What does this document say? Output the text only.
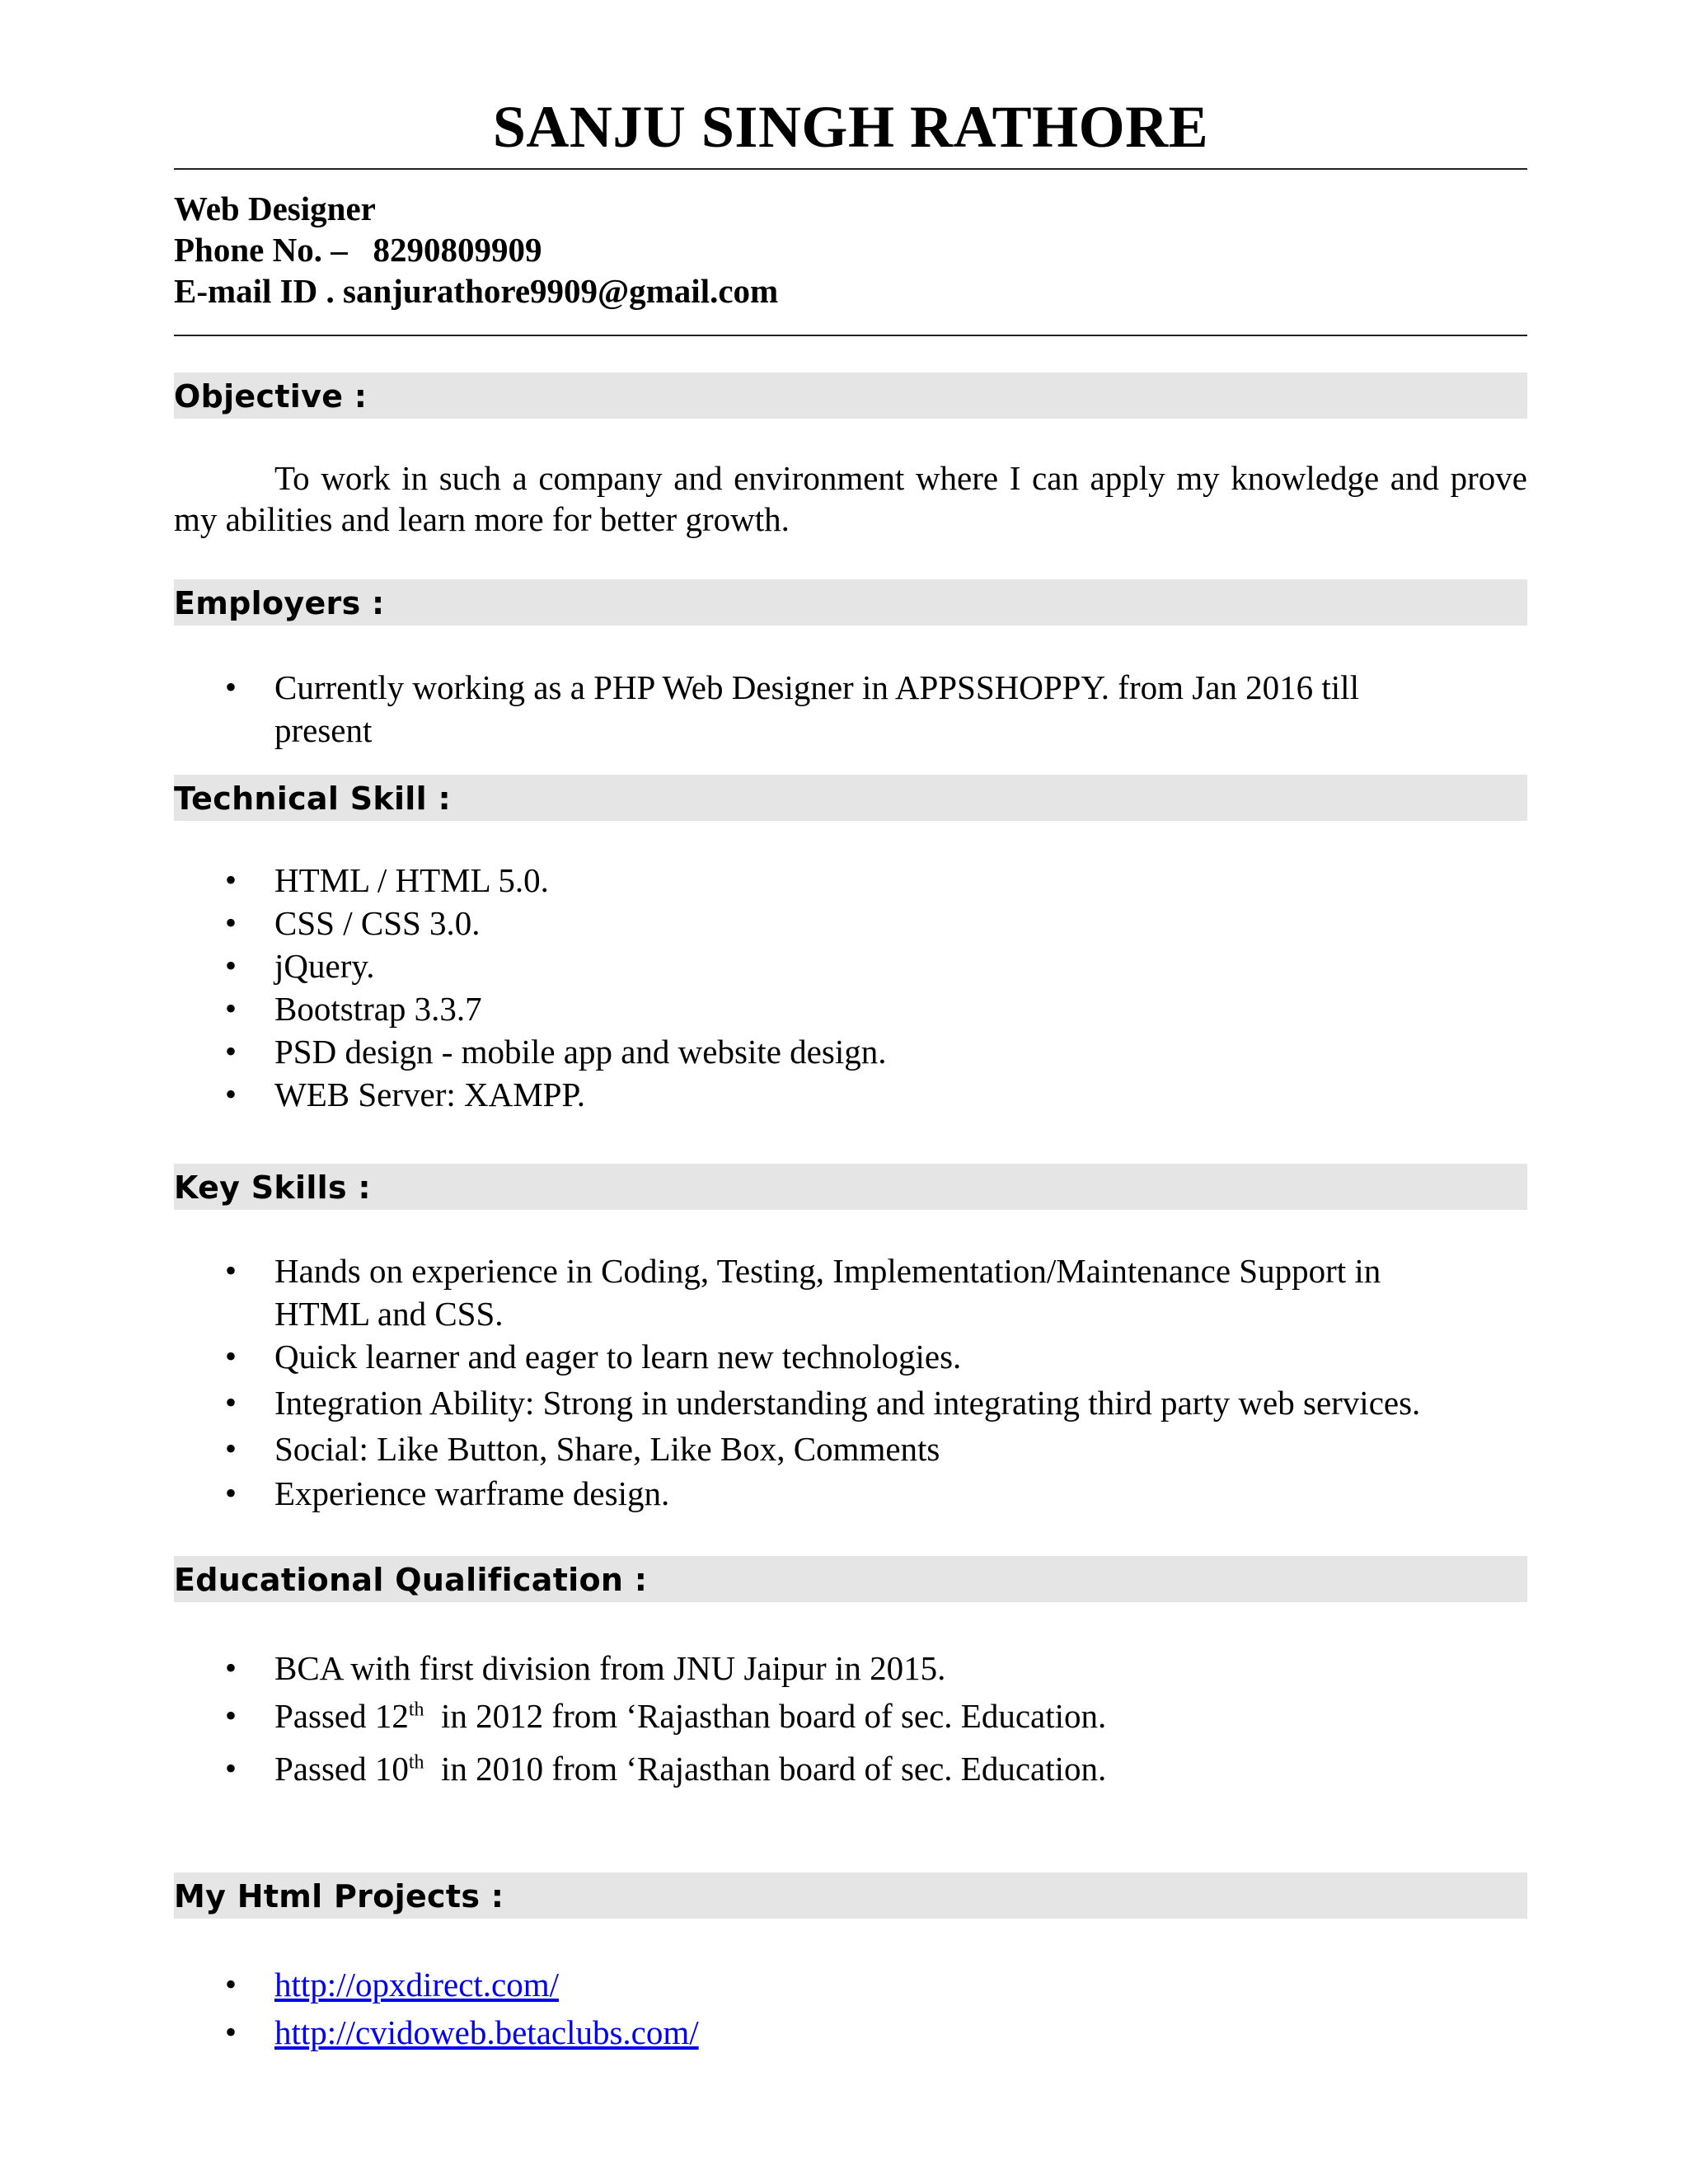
SANJU SINGH RATHORE
Web Designer
Phone No. – 8290809909
E-mail ID . sanjurathore9909@gmail.com
Objective :
To work in such a company and environment where I can apply my knowledge and prove my abilities and learn more for better growth.
Employers :
• Currently working as a PHP Web Designer in APPSSHOPPY. from Jan 2016 till present
Technical Skill :
• HTML / HTML 5.0.
• CSS / CSS 3.0.
• jQuery.
• Bootstrap 3.3.7
• PSD design - mobile app and website design.
• WEB Server: XAMPP.
Key Skills :
• Hands on experience in Coding, Testing, Implementation/Maintenance Support in HTML and CSS.
• Quick learner and eager to learn new technologies.
• Integration Ability: Strong in understanding and integrating third party web services.
• Social: Like Button, Share, Like Box, Comments
• Experience warframe design.
Educational Qualification :
• BCA with first division from JNU Jaipur in 2015.
• Passed 12th  in 2012 from ‘Rajasthan board of sec. Education.
• Passed 10th  in 2010 from ‘Rajasthan board of sec. Education.
My Html Projects :
• http://opxdirect.com/
• http://cvidoweb.betaclubs.com/
